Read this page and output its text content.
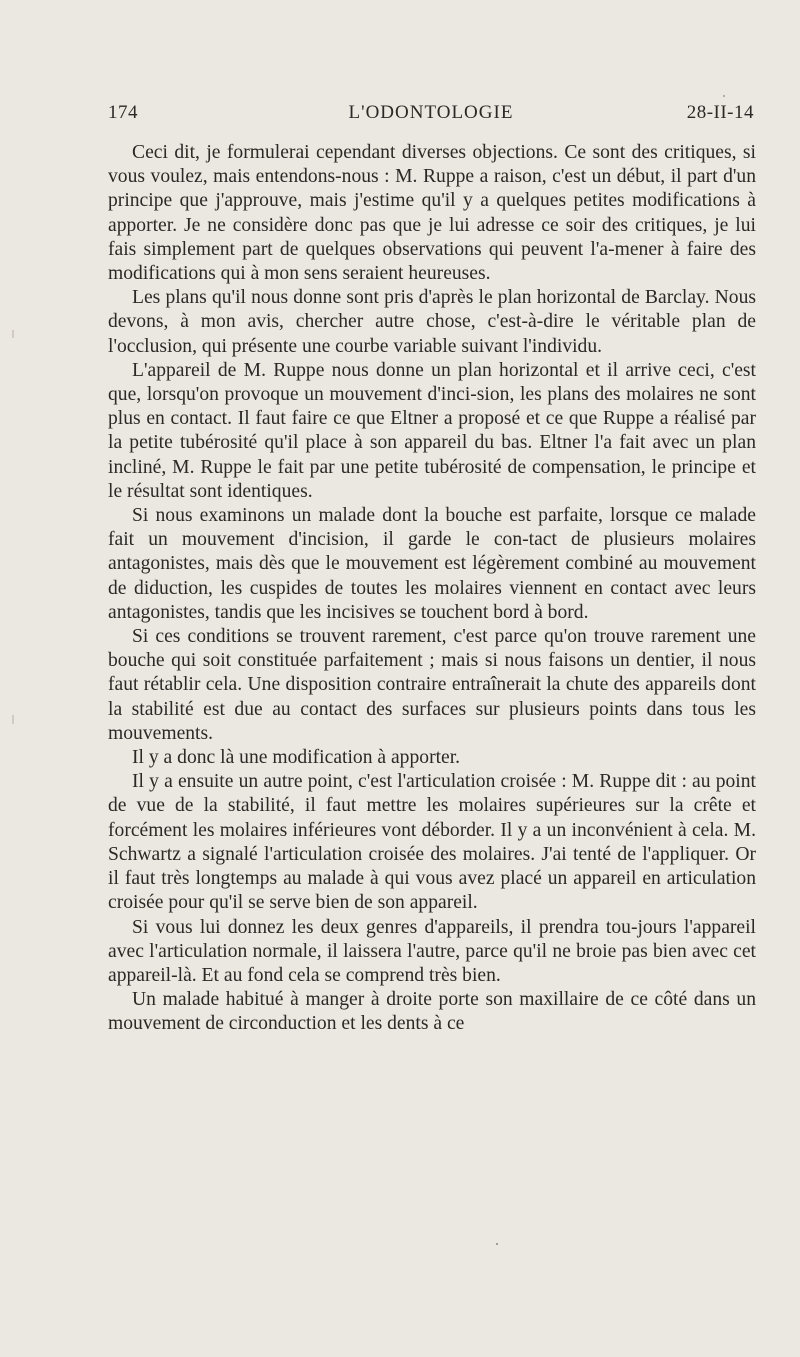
174	L'ODONTOLOGIE	28-II-14

Ceci dit, je formulerai cependant diverses objections. Ce sont des critiques, si vous voulez, mais entendons-nous : M. Ruppe a raison, c'est un début, il part d'un principe que j'approuve, mais j'estime qu'il y a quelques petites modifications à apporter. Je ne considère donc pas que je lui adresse ce soir des critiques, je lui fais simplement part de quelques observations qui peuvent l'a-mener à faire des modifications qui à mon sens seraient heureuses.

Les plans qu'il nous donne sont pris d'après le plan horizontal de Barclay. Nous devons, à mon avis, chercher autre chose, c'est-à-dire le véritable plan de l'occlusion, qui présente une courbe variable suivant l'individu.

L'appareil de M. Ruppe nous donne un plan horizontal et il arrive ceci, c'est que, lorsqu'on provoque un mouvement d'inci-sion, les plans des molaires ne sont plus en contact. Il faut faire ce que Eltner a proposé et ce que Ruppe a réalisé par la petite tubérosité qu'il place à son appareil du bas. Eltner l'a fait avec un plan incliné, M. Ruppe le fait par une petite tubérosité de compensation, le principe et le résultat sont identiques.

Si nous examinons un malade dont la bouche est parfaite, lorsque ce malade fait un mouvement d'incision, il garde le con-tact de plusieurs molaires antagonistes, mais dès que le mouvement est légèrement combiné au mouvement de diduction, les cuspides de toutes les molaires viennent en contact avec leurs antagonistes, tandis que les incisives se touchent bord à bord.

Si ces conditions se trouvent rarement, c'est parce qu'on trouve rarement une bouche qui soit constituée parfaitement ; mais si nous faisons un dentier, il nous faut rétablir cela. Une disposition contraire entraînerait la chute des appareils dont la stabilité est due au contact des surfaces sur plusieurs points dans tous les mouvements.

Il y a donc là une modification à apporter.

Il y a ensuite un autre point, c'est l'articulation croisée : M. Ruppe dit : au point de vue de la stabilité, il faut mettre les molaires supérieures sur la crête et forcément les molaires inférieures vont déborder. Il y a un inconvénient à cela. M. Schwartz a signalé l'articulation croisée des molaires. J'ai tenté de l'appliquer. Or il faut très longtemps au malade à qui vous avez placé un appareil en articulation croisée pour qu'il se serve bien de son appareil.

Si vous lui donnez les deux genres d'appareils, il prendra tou-jours l'appareil avec l'articulation normale, il laissera l'autre, parce qu'il ne broie pas bien avec cet appareil-là. Et au fond cela se comprend très bien.

Un malade habitué à manger à droite porte son maxillaire de ce côté dans un mouvement de circonduction et les dents à ce
